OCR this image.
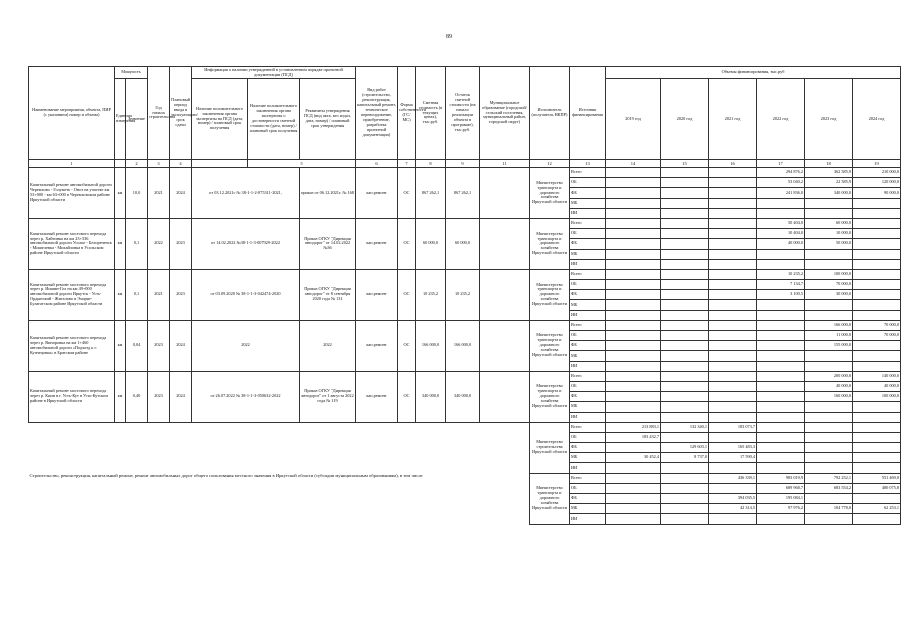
89
Наименование мероприятия, объекта, ПИР (с указанием) номер и объема)	Мощность		Год начала строительства	Плановый период ввода в эксплуатацию/срок сдачи	Информация о наличии утвержденной в установленном порядке проектной документации (ПСД)			Вид работ (строительство, реконструкция, капитальный ремонт, техническое перевооружение, приобретение, разработка проектной документации)	Форма собственности (ГС/МС)	Сметная стоимость (в текущих ценах), тыс.руб.	Остаток сметной стоимости (на начало реализации объекта в программе), тыс.руб.	Муниципальное образование (городской/сельский поселения, муниципальный район, городской округ)	Исполнитель (получатель НКПР)	Источник финансирования	Объемы финансирования, тыс.руб					
	Единица измерения	Значение			Наличие положительного заключения органа экспертизы на ПСД (дата, номер) / плановый срок получения	Наличие положительного заключения органа экспертизы о достоверности сметной стоимости (дата, номер) / плановый срок получения	Реквизиты утверждения ПСД (вид акта, кто издал, дата, номер) / плановый срок утверждения								2019 год	2020 год	2021 год	2022 год	2023 год	2024 год
1		2	3	4		5		6	7	8	9	11	12	13	14	15	16	17	18	19
Капитальный ремонт автомобильной дороги Черемхово - Голуметь - Онот на участке км 53+000 - км 63+000 в Черемховском районе Иркутской области	км	10,0	2021	2024	от 03.12.2021г № 38-1-1-2-075311-2021,		приказ от 06.12.2021г. № 168	кап.ремонт	ОС	867 262,1	867 262,1		Министерство транспорта и дорожного хозяйства Иркутской области	Всего				294 876,2	362 385,9	210 000,0
														ОБ				53 040,2	22 385,9	120 000,0
														ФБ				241 836,0	340 000,0	90 000,0
														МБ						
														ИИ						
Капитальный ремонт мостового перехода через р. Хайтинка на км 23+336 автомобильной дороги Усолье - Белореченск - Мишелевка - Михайловка в Усольском районе Иркутской области	км	0,1	2022	2023	от 14.02.2022 №38-1-1-3-007929-2022		Приказ ОГКУ "Дирекция автодорог" от 14.02.2022 №36	кап.ремонт	ОС	60 000,0	60 000,0		Министерство транспорта и дорожного хозяйства Иркутской области	Всего				50 404,0	60 000,0	
														ОБ				10 404,0	10 000,0	
														ФБ				40 000,0	50 000,0	
														МБ						
														ИИ						
Капитальный ремонт мостового перехода через р. Иишин-Гол на км 49+000 автомобильной дороги Иркутск - Усть-Ордынский - Жигалово в Эхирит-Булагатском районе Иркутской области	км	0,1	2021	2023	от 03.09.2020 № 38-1-1-3-042474-2020		Приказ ОГКУ "Дирекция автодорог" от 8 сентября 2020 года № 131	кап.ремонт	ОС	10 235,2	10 235,2		Министерство транспорта и дорожного хозяйства Иркутской области	Всего				10 235,2	100 000,0	
														ОБ				7 134,7	70 000,0	
														ФБ				3 100,5	30 000,0	
														МБ						
														ИИ						
Капитальный ремонт мостового перехода через р. Виноровка на км 1+460 автомобильной дороги «Подъезд к г. Кузнецовка» в Братском районе	км	0,04	2023	2024	2022		2022	кап.ремонт	ОС	166 000,0	166 000,0		Министерство транспорта и дорожного хозяйства Иркутской области	Всего					166 000,0	70 000,0
														ОБ					11 000,0	70 000,0
														ФБ					155 000,0	
														МБ						
														ИИ						
Капитальный ремонт мостового перехода через р. Киин в г. Усть-Кут в Усть-Кутском районе в Иркутской области	км	0,40	2023	2024	от 26.07.2022 № 38-1-1-3-050632-2022		Приказ ОГКУ "Дирекция автодорог" от 1 августа 2022 года № 119	кап.ремонт	ОС	340 000,0	340 000,0		Министерство транспорта и дорожного хозяйства Иркутской области	Всего					200 000,0	140 000,0
														ОБ					40 000,0	40 000,0
														ФБ					160 000,0	100 000,0
														МБ						
														ИИ						
													Министерство строительства Иркутской области	Всего	213 883,1	132 340,1	183 073,7			
														ОБ	183 432,7					
														ФБ		129 603,1	165 483,3			
														МБ	30 452,4	8 737,0	17 590,4			
														ИИ						
Строительство, реконструкция, капитальный ремонт, ремонт автомобильных дорог общего пользования местного значения в Иркутской области (субсидии муниципальным образованиям), в том числе													Министерство транспорта и дорожного хозяйства Иркутской области	Всего			436 339,1	983 019,9	792 252,1	551 469,0
														ОБ				689 968,7	683 554,2	480 075,8
														ФБ			394 035,5	195 084,1		
														МБ			42 314,5	97 976,2	104 778,0	62 253,1
														ИИ						
